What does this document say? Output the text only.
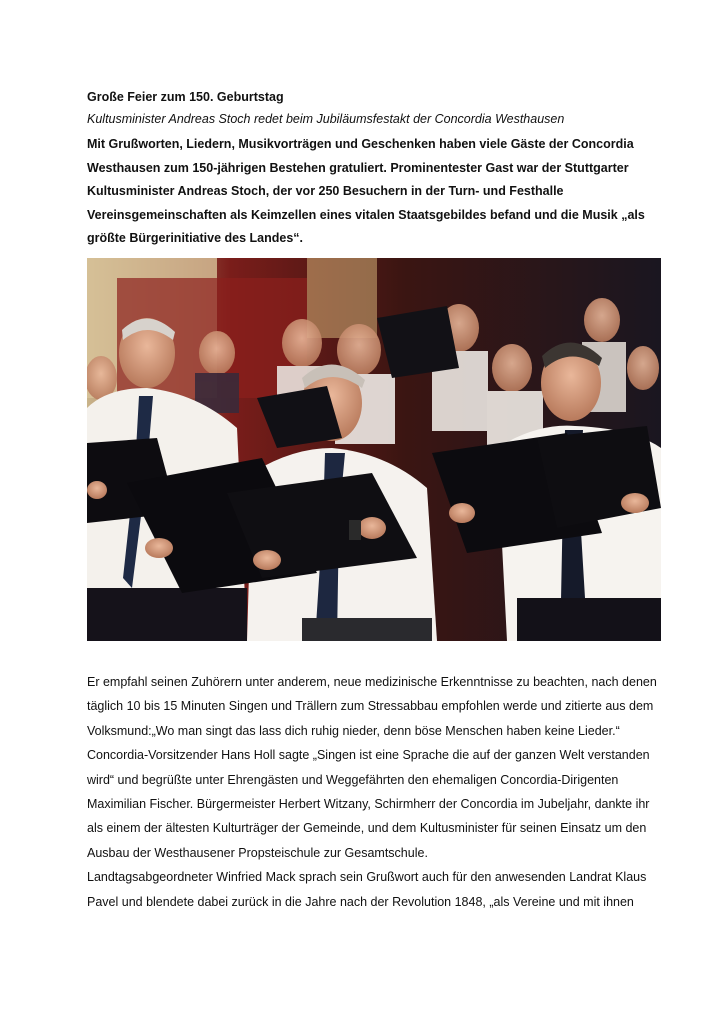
Große Feier zum 150. Geburtstag
Kultusminister Andreas Stoch redet beim Jubiläumsfestakt der Concordia Westhausen
Mit Grußworten, Liedern, Musikvorträgen und Geschenken haben viele Gäste der Concordia Westhausen zum 150-jährigen Bestehen gratuliert. Prominentester Gast war der Stuttgarter Kultusminister Andreas Stoch, der vor 250 Besuchern in der Turn- und Festhalle Vereinsgemeinschaften als Keimzellen eines vitalen Staatsgebildes befand und die Musik „als größte Bürgerinitiative des Landes“.

Er empfahl seinen Zuhörern unter anderem, neue medizinische Erkenntnisse zu beachten, nach denen täglich 10 bis 15 Minuten Singen und Trällern zum Stressabbau empfohlen werde und zitierte aus dem Volksmund:„Wo man singt das lass dich ruhig nieder, denn böse Menschen haben keine Lieder.“

Concordia-Vorsitzender Hans Holl sagte „Singen ist eine Sprache die auf der ganzen Welt verstanden wird“ und begrüßte unter Ehrengästen und Weggefährten den ehemaligen Concordia-Dirigenten Maximilian Fischer. Bürgermeister Herbert Witzany, Schirmherr der Concordia im Jubeljahr, dankte ihr als einem der ältesten Kulturträger der Gemeinde, und dem Kultusminister für seinen Einsatz um den Ausbau der Westhausener Propsteischule zur Gesamtschule.

Landtagsabgeordneter Winfried Mack sprach sein Grußwort auch für den anwesenden Landrat Klaus Pavel und blendete dabei zurück in die Jahre nach der Revolution 1848, „als Vereine und mit ihnen
